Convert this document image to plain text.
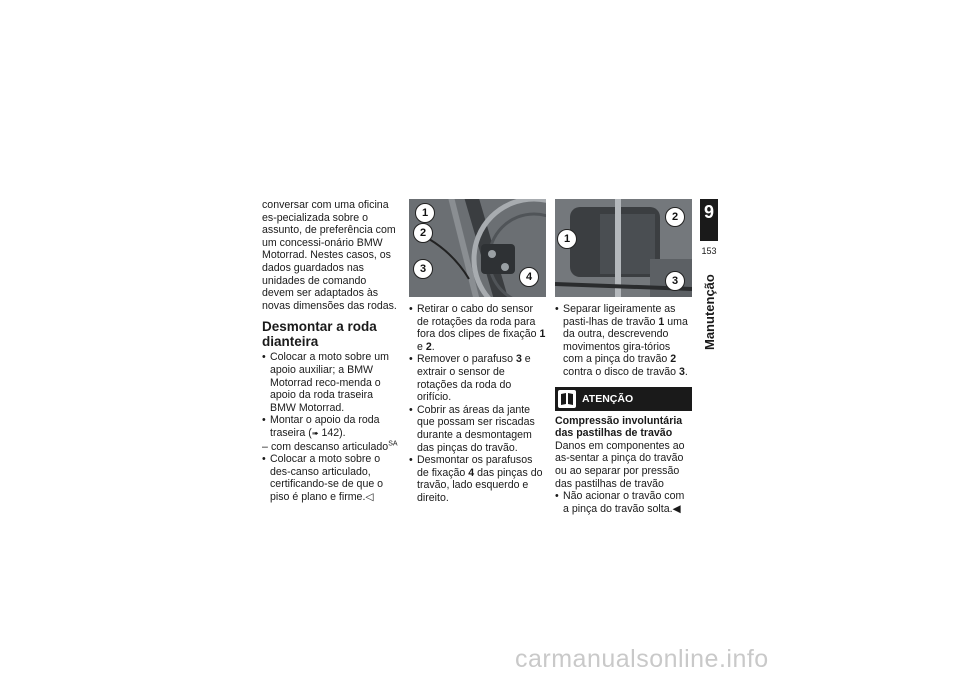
conversar com uma oficina es-pecializada sobre o assunto, de preferência com um concessi-onário BMW Motorrad. Nestes casos, os dados guardados nas unidades de comando devem ser adaptados às novas dimensões das rodas.

Desmontar a roda dianteira

• Colocar a moto sobre um apoio auxiliar; a BMW Motorrad reco-menda o apoio da roda traseira BMW Motorrad.

• Montar o apoio da roda traseira (➠ 142).

– com descanso articulado$^{SA}$

• Colocar a moto sobre o des-canso articulado, certificando-se de que o piso é plano e firme.◁

1
2
3
4

• Retirar o cabo do sensor de rotações da roda para fora dos clipes de fixação 1 e 2.

• Remover o parafuso 3 e extrair o sensor de rotações da roda do orifício.

• Cobrir as áreas da jante que possam ser riscadas durante a desmontagem das pinças do travão.

• Desmontar os parafusos de fixação 4 das pinças do travão, lado esquerdo e direito.

2
1
3

• Separar ligeiramente as pasti-lhas de travão 1 uma da outra, descrevendo movimentos gira-tórios com a pinça do travão 2 contra o disco de travão 3.

ATENÇÃO

Compressão involuntária das pastilhas de travão

Danos em componentes ao as-sentar a pinça do travão ou ao separar por pressão das pastilhas de travão

• Não acionar o travão com a pinça do travão solta.◀

9
153
Manutenção
carmanualsonline.info
